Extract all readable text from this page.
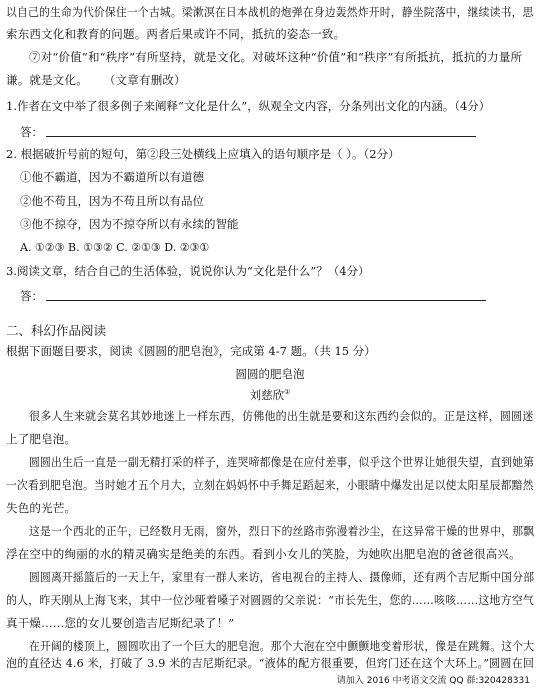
以自己的生命为代价保住一个古城。梁漱溟在日本战机的炮弹在身边轰然炸开时，静坐院落中，继续读书，思
索东西文化和教育的问题。两者后果或许不同，抵抗的姿态一致。
⑦对“价值”和“秩序”有所坚持，就是文化。对破坏这种“价值”和“秩序”有所抵抗，抵抗的力量所
谦。就是文化。 （文章有删改）
1.作者在文中举了很多例子来阐释“文化是什么”，纵观全文内容，分条列出文化的内涵。（4分）
答：
2. 根据破折号前的短句，第②段三处横线上应填入的语句顺序是（ ）。（2分）
①他不霸道，因为不霸道所以有道德
②他不苟且，因为不苟且所以有品位
③他不掠夺，因为不掠夺所以有永续的智能
A. ①②③ B. ①③② C. ②①③ D. ②③①
3.阅读文章，结合自己的生活体验，说说你认为“文化是什么”？（4分）
答：
二、科幻作品阅读
根据下面题目要求，阅读《圆圆的肥皂泡》，完成第 4-7 题。（共 15 分）
圆圆的肥皂泡
刘慈欣①
很多人生来就会莫名其妙地迷上一样东西，仿佛他的出生就是要和这东西约会似的。正是这样，圆圆迷
上了肥皂泡。
圆圆出生后一直是一副无精打采的样子，连哭啼都像是在应付差事，似乎这个世界让她很失望，直到她第
一次看到肥皂泡。当时她才五个月大，立刻在妈妈怀中手舞足蹈起来，小眼睛中爆发出足以使太阳星辰都黯然
失色的光芒。
这是一个西北的正午，已经数月无雨，窗外，烈日下的丝路市弥漫着沙尘，在这异常干燥的世界中，那飘
浮在空中的绚丽的水的精灵确实是绝美的东西。看到小女儿的笑脸，为她吹出肥皂泡的爸爸很高兴。
圆圆离开摇篮后的一天上午，家里有一群人来访，省电视台的主持人、摄像师，还有两个吉尼斯中国分部
的人，昨天刚从上海飞来，其中一位沙哑着嗓子对圆圆的父亲说：“市长先生，您的……咳咳……这地方空气
真干燥……您的女儿要创造吉尼斯纪录了！”
在开阔的楼顶上，圆圆吹出了一个巨大的肥皂泡。那个大泡在空中颤颤地变着形状，像是在跳舞。这个大
泡的直径达 4.6 米，打破了 3.9 米的吉尼斯纪录。“液体的配方很重要，但窍门还在这个大环上。”圆圆在回
请加入 2016 中考语文交流 QQ 群:320428331
